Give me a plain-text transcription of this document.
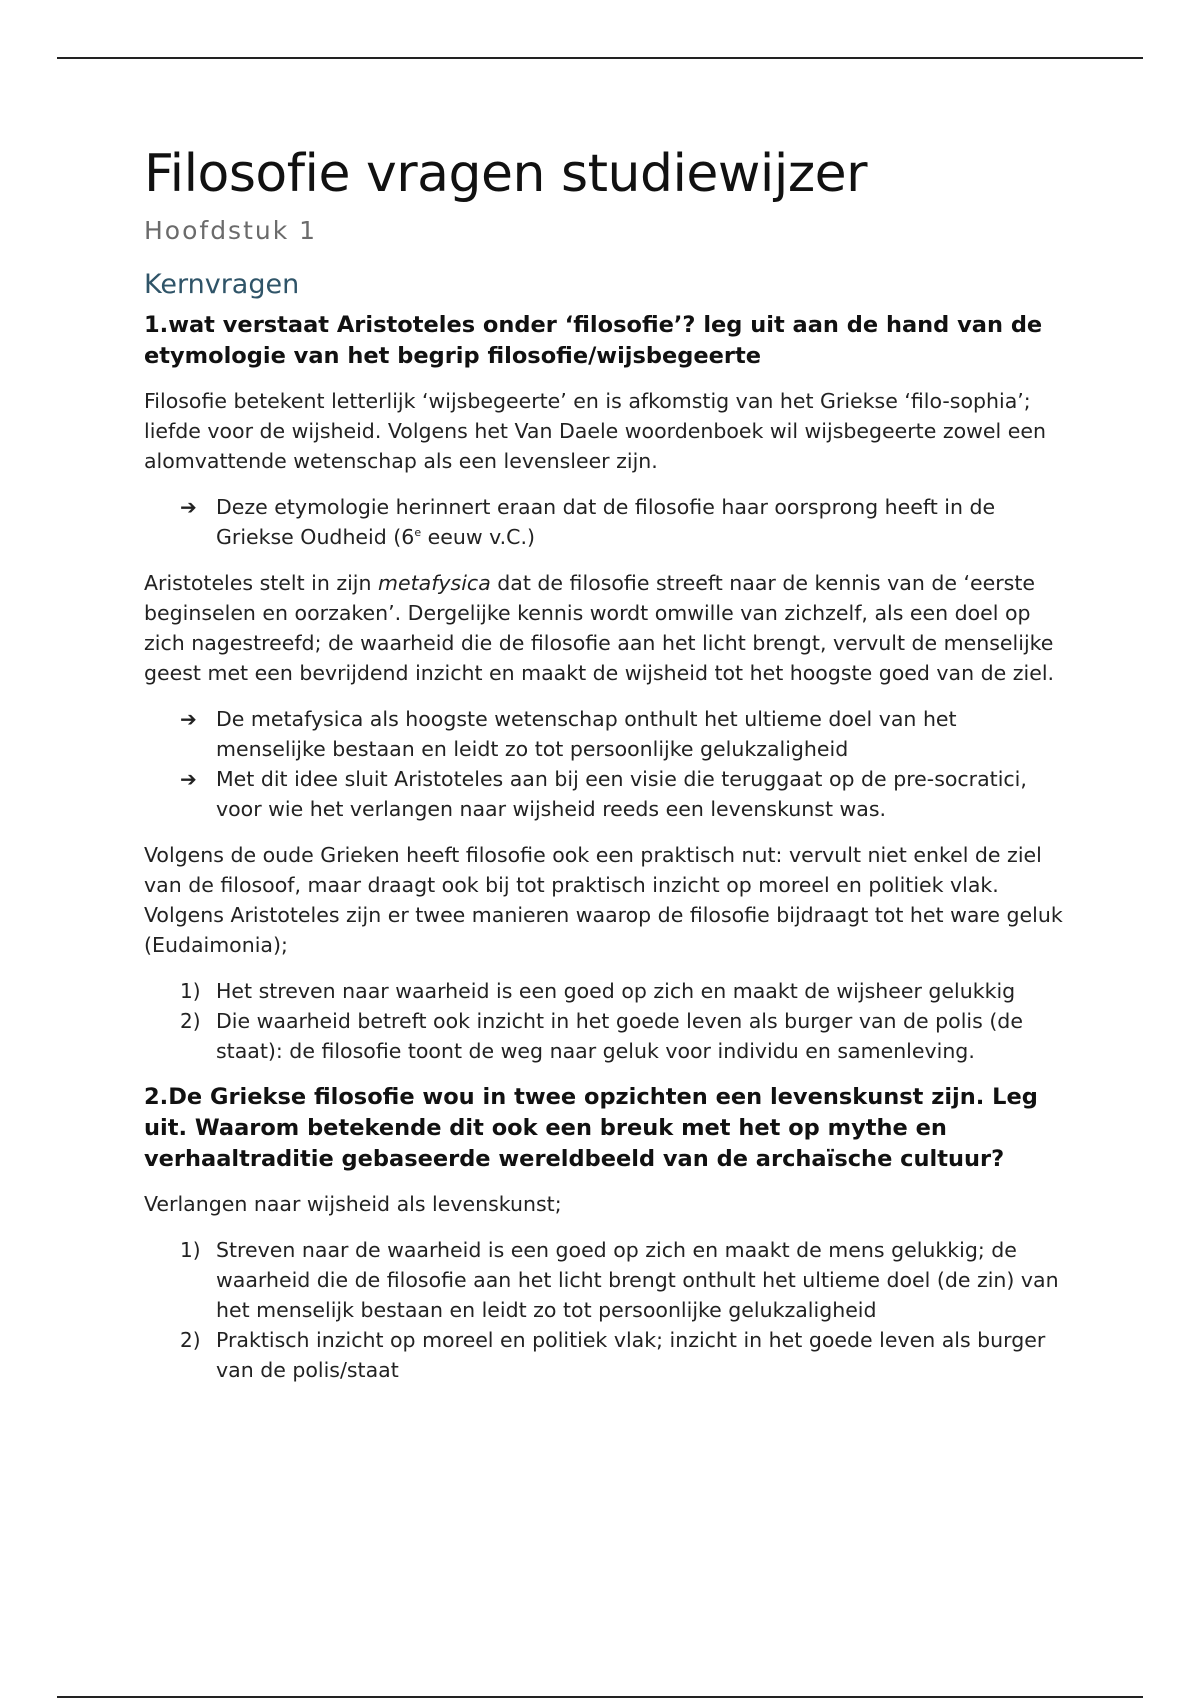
Filosofie vragen studiewijzer
Hoofdstuk 1
Kernvragen
1.wat verstaat Aristoteles onder ‘filosofie’? leg uit aan de hand van de etymologie van het begrip filosofie/wijsbegeerte

Filosofie betekent letterlijk ‘wijsbegeerte’ en is afkomstig van het Griekse ‘filo-sophia’; liefde voor de wijsheid. Volgens het Van Daele woordenboek wil wijsbegeerte zowel een alomvattende wetenschap als een levensleer zijn.

➔ Deze etymologie herinnert eraan dat de filosofie haar oorsprong heeft in de Griekse Oudheid (6e eeuw v.C.)

Aristoteles stelt in zijn metafysica dat de filosofie streeft naar de kennis van de ‘eerste beginselen en oorzaken’. Dergelijke kennis wordt omwille van zichzelf, als een doel op zich nagestreefd; de waarheid die de filosofie aan het licht brengt, vervult de menselijke geest met een bevrijdend inzicht en maakt de wijsheid tot het hoogste goed van de ziel.

➔ De metafysica als hoogste wetenschap onthult het ultieme doel van het menselijke bestaan en leidt zo tot persoonlijke gelukzaligheid
➔ Met dit idee sluit Aristoteles aan bij een visie die teruggaat op de pre-socratici, voor wie het verlangen naar wijsheid reeds een levenskunst was.

Volgens de oude Grieken heeft filosofie ook een praktisch nut: vervult niet enkel de ziel van de filosoof, maar draagt ook bij tot praktisch inzicht op moreel en politiek vlak. Volgens Aristoteles zijn er twee manieren waarop de filosofie bijdraagt tot het ware geluk (Eudaimonia);

1) Het streven naar waarheid is een goed op zich en maakt de wijsheer gelukkig
2) Die waarheid betreft ook inzicht in het goede leven als burger van de polis (de staat): de filosofie toont de weg naar geluk voor individu en samenleving.
2.De Griekse filosofie wou in twee opzichten een levenskunst zijn. Leg uit. Waarom betekende dit ook een breuk met het op mythe en verhaaltraditie gebaseerde wereldbeeld van de archaïsche cultuur?

Verlangen naar wijsheid als levenskunst;

1) Streven naar de waarheid is een goed op zich en maakt de mens gelukkig; de waarheid die de filosofie aan het licht brengt onthult het ultieme doel (de zin) van het menselijk bestaan en leidt zo tot persoonlijke gelukzaligheid
2) Praktisch inzicht op moreel en politiek vlak; inzicht in het goede leven als burger van de polis/staat
